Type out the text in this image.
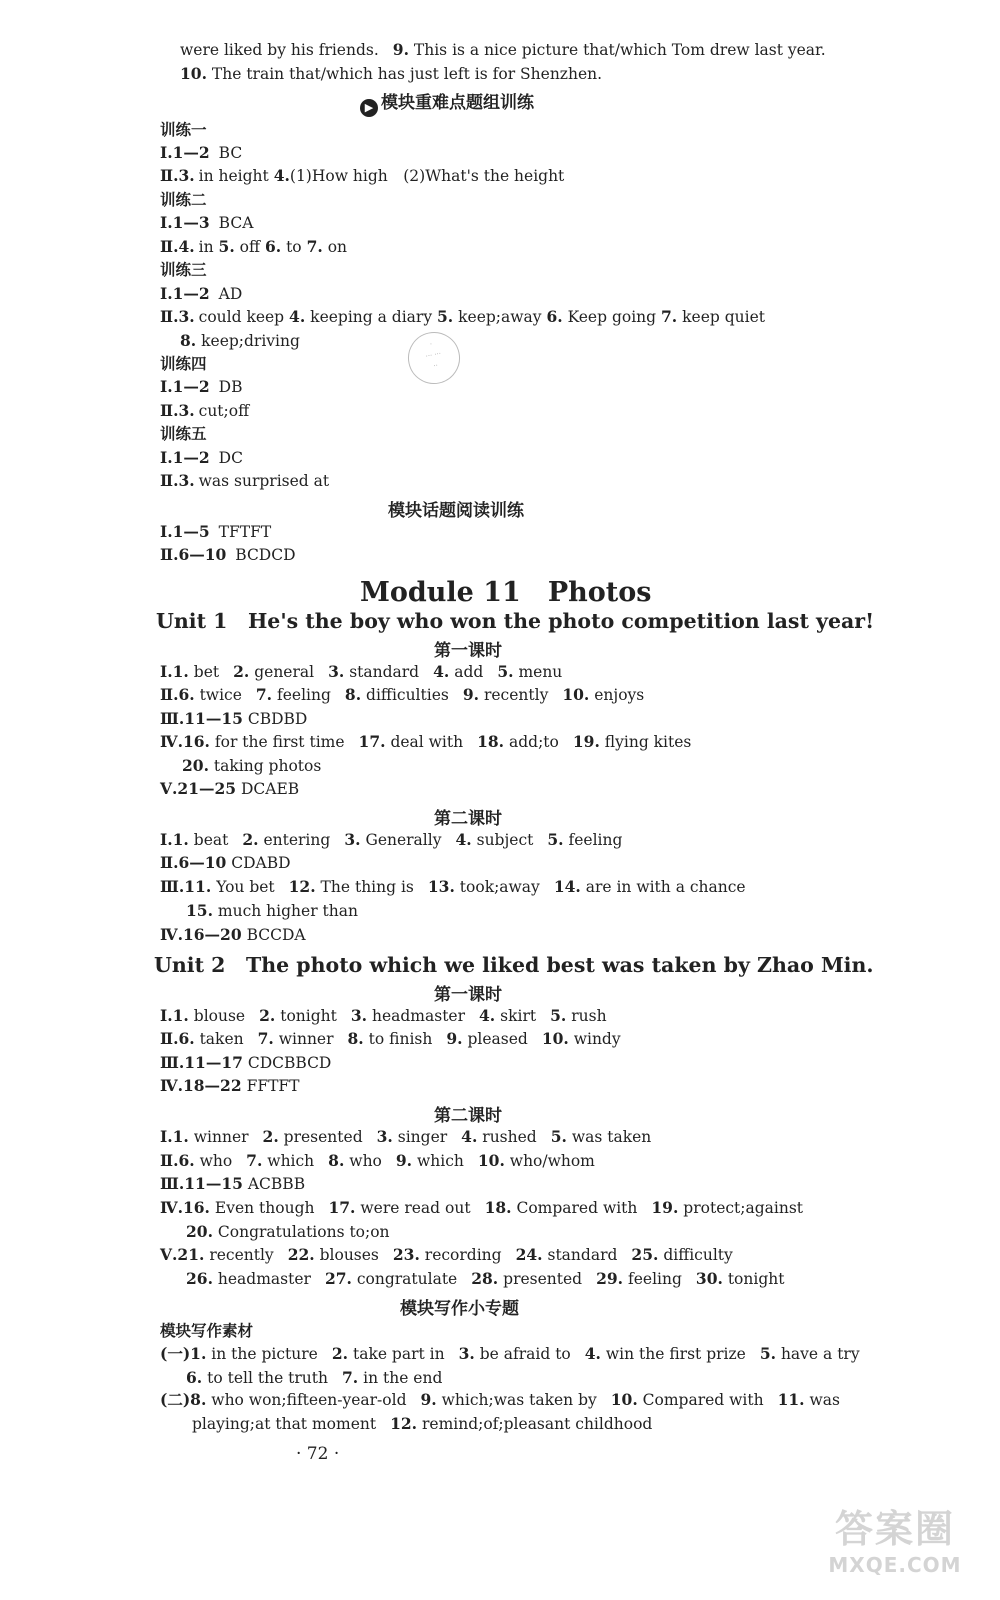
were liked by his friends. 9. This is a nice picture that/which Tom drew last year.
10. The train that/which has just left is for Shenzhen.
▶ 模块重难点题组训练
训练一
Ⅰ.1—2 BC
Ⅱ.3. in height 4.(1)How high　 (2)What's the height
训练二
Ⅰ.1—3 BCA
Ⅱ.4. in 5. off 6. to 7. on
训练三
Ⅰ.1—2 AD
Ⅱ.3. could keep 4. keeping a diary 5. keep;away 6. Keep going 7. keep quiet
8. keep;driving	·
··· ···
··
训练四
Ⅰ.1—2 DB
Ⅱ.3. cut;off
训练五
Ⅰ.1—2 DC
Ⅱ.3. was surprised at
模块话题阅读训练
Ⅰ.1—5 TFTFT
Ⅱ.6—10 BCDCD
Module 11　Photos
Unit 1　He's the boy who won the photo competition last year!
第一课时
Ⅰ.1. bet 2. general 3. standard 4. add 5. menu
Ⅱ.6. twice 7. feeling 8. difficulties 9. recently 10. enjoys
Ⅲ.11—15 CBDBD
Ⅳ.16. for the first time 17. deal with 18. add;to 19. flying kites
20. taking photos
Ⅴ.21—25 DCAEB
第二课时
Ⅰ.1. beat 2. entering 3. Generally 4. subject 5. feeling
Ⅱ.6—10 CDABD
Ⅲ.11. You bet 12. The thing is 13. took;away 14. are in with a chance
15. much higher than
Ⅳ.16—20 BCCDA
Unit 2　The photo which we liked best was taken by Zhao Min.
第一课时
Ⅰ.1. blouse 2. tonight 3. headmaster 4. skirt 5. rush
Ⅱ.6. taken 7. winner 8. to finish 9. pleased 10. windy
Ⅲ.11—17 CDCBBCD
Ⅳ.18—22 FFTFT
第二课时
Ⅰ.1. winner 2. presented 3. singer 4. rushed 5. was taken
Ⅱ.6. who 7. which 8. who 9. which 10. who/whom
Ⅲ.11—15 ACBBB
Ⅳ.16. Even though 17. were read out 18. Compared with 19. protect;against
20. Congratulations to;on
Ⅴ.21. recently 22. blouses 23. recording 24. standard 25. difficulty
26. headmaster 27. congratulate 28. presented 29. feeling 30. tonight
模块写作小专题
模块写作素材
(一)1. in the picture 2. take part in 3. be afraid to 4. win the first prize 5. have a try
6. to tell the truth 7. in the end
(二)8. who won;fifteen-year-old 9. which;was taken by 10. Compared with 11. was
playing;at that moment 12. remind;of;pleasant childhood
· 72 ·
答案圈
MXQE.COM
